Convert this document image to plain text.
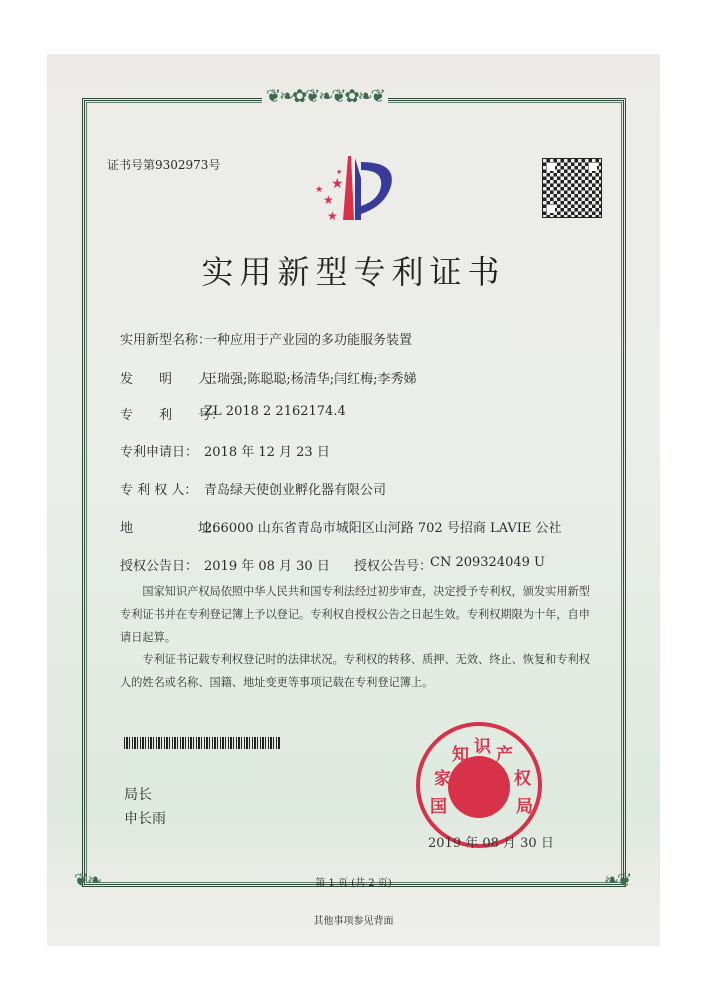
❦❧✿❦❧❦✿❧❦
❦❧	❧❦
证书号第9302973号
★
★
★
★
★
实用新型专利证书
实用新型名称：
一种应用于产业园的多功能服务装置
发　　明　　人：
王瑞强;陈聪聪;杨清华;闫红梅;李秀娣
专　　利　　号：
ZL 2018 2 2162174.4
专利申请日： 2018 年 12 月 23 日
专 利 权 人： 青岛绿天使创业孵化器有限公司
地　　　　　址：
266000 山东省青岛市城阳区山河路 702 号招商 LAVIE 公社
授权公告日： 2019 年 08 月 30 日 授权公告号：
CN 209324049 U
国家知识产权局依照中华人民共和国专利法经过初步审查，决定授予专利权，颁发实用新型专利证书并在专利登记簿上予以登记。专利权自授权公告之日起生效。专利权期限为十年，自申请日起算。
专利证书记载专利权登记时的法律状况。专利权的转移、质押、无效、终止、恢复和专利权人的姓名或名称、国籍、地址变更等事项记载在专利登记簿上。
局长
申长雨
国
家
知 识 产
权
局
2019 年 08 月 30 日
第 1 页 (共 2 页)
其他事项参见背面
